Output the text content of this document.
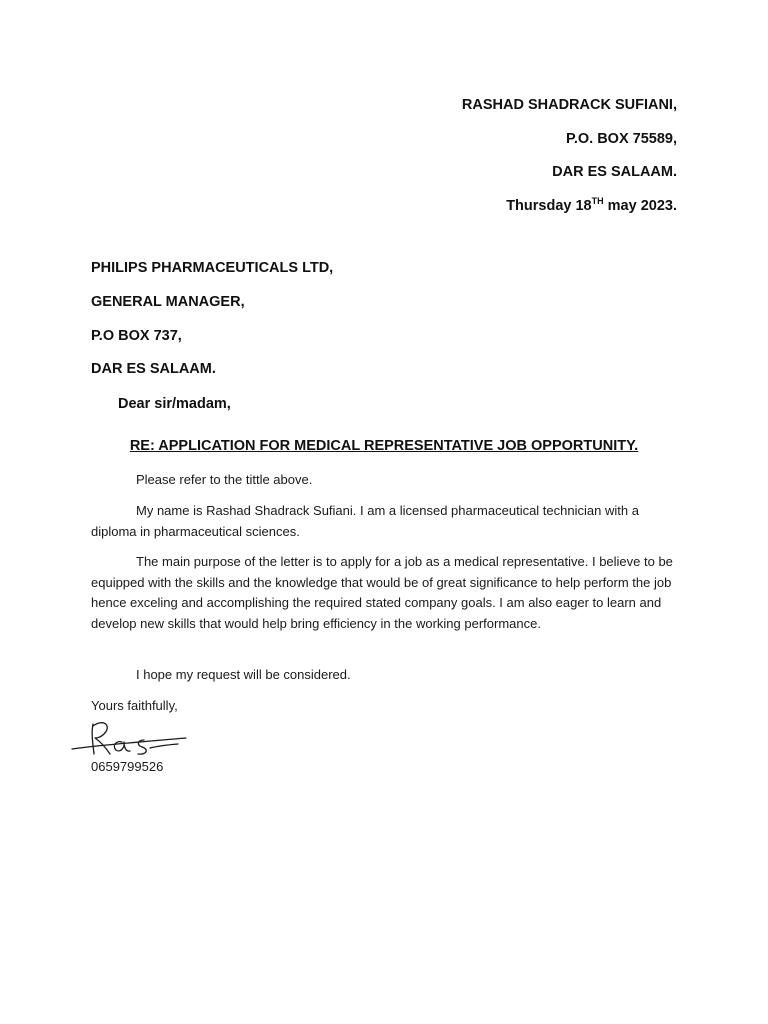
RASHAD SHADRACK SUFIANI,
P.O. BOX 75589,
DAR ES SALAAM.
Thursday 18TH may 2023.
PHILIPS PHARMACEUTICALS LTD,
GENERAL MANAGER,
P.O BOX 737,
DAR ES SALAAM.
Dear sir/madam,
RE: APPLICATION FOR MEDICAL REPRESENTATIVE JOB OPPORTUNITY.

Please refer to the tittle above.

My name is Rashad Shadrack Sufiani. I am a licensed pharmaceutical technician with a diploma in pharmaceutical sciences.

The main purpose of the letter is to apply for a job as a medical representative. I believe to be equipped with the skills and the knowledge that would be of great significance to help perform the job hence exceling and accomplishing the required stated company goals. I am also eager to learn and develop new skills that would help bring efficiency in the working performance.

I hope my request will be considered.

Yours faithfully,
0659799526
